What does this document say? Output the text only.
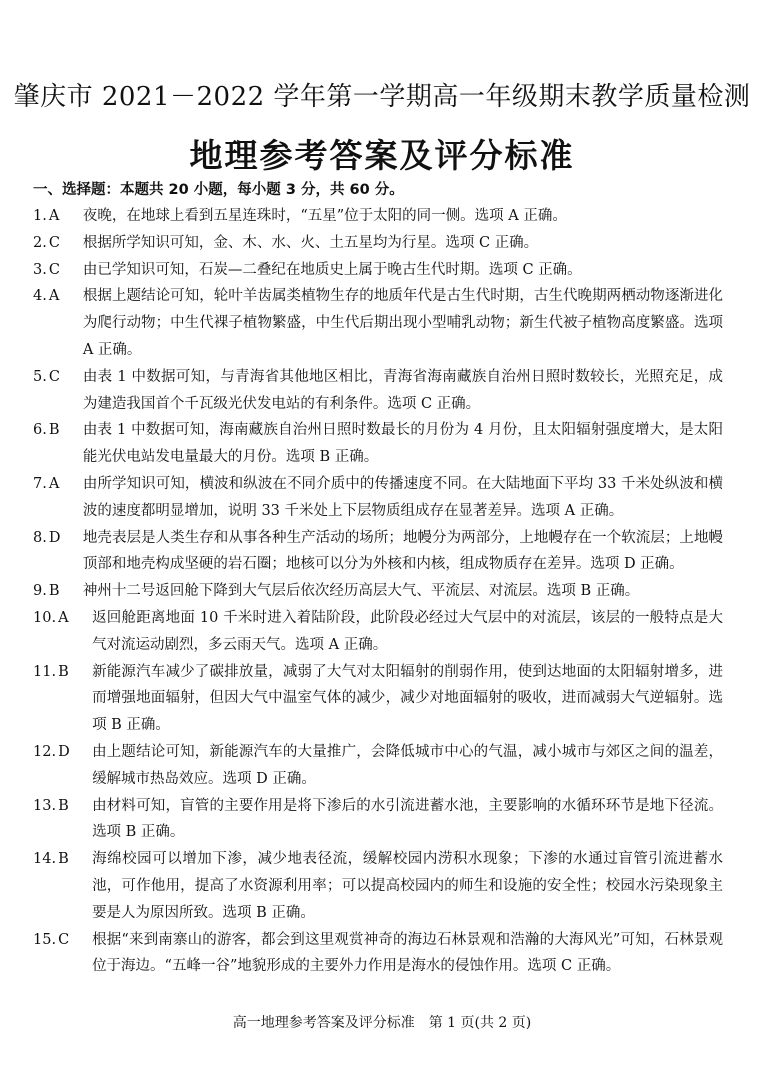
肇庆市 2021－2022 学年第一学期高一年级期末教学质量检测
地理参考答案及评分标准
一、选择题：本题共 20 小题，每小题 3 分，共 60 分。
1. A	夜晚，在地球上看到五星连珠时，“五星”位于太阳的同一侧。选项 A 正确。
2. C	根据所学知识可知，金、木、水、火、土五星均为行星。选项 C 正确。
3. C	由已学知识可知，石炭—二叠纪在地质史上属于晚古生代时期。选项 C 正确。
4. A	根据上题结论可知，轮叶羊齿属类植物生存的地质年代是古生代时期，古生代晚期两栖动物逐渐进化为爬行动物；中生代裸子植物繁盛，中生代后期出现小型哺乳动物；新生代被子植物高度繁盛。选项 A 正确。
5. C	由表 1 中数据可知，与青海省其他地区相比，青海省海南藏族自治州日照时数较长，光照充足，成为建造我国首个千瓦级光伏发电站的有利条件。选项 C 正确。
6. B	由表 1 中数据可知，海南藏族自治州日照时数最长的月份为 4 月份，且太阳辐射强度增大，是太阳能光伏电站发电量最大的月份。选项 B 正确。
7. A	由所学知识可知，横波和纵波在不同介质中的传播速度不同。在大陆地面下平均 33 千米处纵波和横波的速度都明显增加，说明 33 千米处上下层物质组成存在显著差异。选项 A 正确。
8. D	地壳表层是人类生存和从事各种生产活动的场所；地幔分为两部分，上地幔存在一个软流层；上地幔顶部和地壳构成坚硬的岩石圈；地核可以分为外核和内核，组成物质存在差异。选项 D 正确。
9. B	神州十二号返回舱下降到大气层后依次经历高层大气、平流层、对流层。选项 B 正确。
10. A	返回舱距离地面 10 千米时进入着陆阶段，此阶段必经过大气层中的对流层，该层的一般特点是大气对流运动剧烈，多云雨天气。选项 A 正确。
11. B	新能源汽车减少了碳排放量，减弱了大气对太阳辐射的削弱作用，使到达地面的太阳辐射增多，进而增强地面辐射，但因大气中温室气体的减少，减少对地面辐射的吸收，进而减弱大气逆辐射。选项 B 正确。
12. D	由上题结论可知，新能源汽车的大量推广，会降低城市中心的气温，减小城市与郊区之间的温差，缓解城市热岛效应。选项 D 正确。
13. B	由材料可知，盲管的主要作用是将下渗后的水引流进蓄水池，主要影响的水循环环节是地下径流。选项 B 正确。
14. B	海绵校园可以增加下渗，减少地表径流，缓解校园内涝积水现象；下渗的水通过盲管引流进蓄水池，可作他用，提高了水资源利用率；可以提高校园内的师生和设施的安全性；校园水污染现象主要是人为原因所致。选项 B 正确。
15. C	根据“来到南寨山的游客，都会到这里观赏神奇的海边石林景观和浩瀚的大海风光”可知，石林景观位于海边。“五峰一谷”地貌形成的主要外力作用是海水的侵蚀作用。选项 C 正确。
高一地理参考答案及评分标准　第 1 页(共 2 页)
